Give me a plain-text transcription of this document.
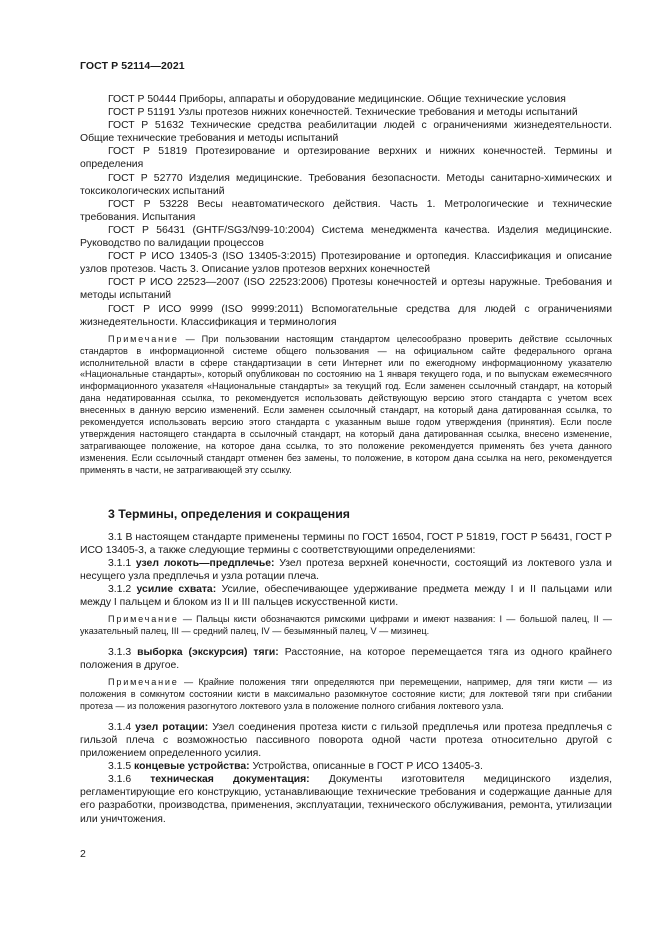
ГОСТ Р 52114—2021

ГОСТ Р 50444 Приборы, аппараты и оборудование медицинские. Общие технические условия

ГОСТ Р 51191 Узлы протезов нижних конечностей. Технические требования и методы испытаний

ГОСТ Р 51632 Технические средства реабилитации людей с ограничениями жизнедеятельности. Общие технические требования и методы испытаний

ГОСТ Р 51819 Протезирование и ортезирование верхних и нижних конечностей. Термины и определения

ГОСТ Р 52770 Изделия медицинские. Требования безопасности. Методы санитарно-химических и токсикологических испытаний

ГОСТ Р 53228 Весы неавтоматического действия. Часть 1. Метрологические и технические требования. Испытания

ГОСТ Р 56431 (GHTF/SG3/N99-10:2004) Система менеджмента качества. Изделия медицинские. Руководство по валидации процессов

ГОСТ Р ИСО 13405-3 (ISO 13405-3:2015) Протезирование и ортопедия. Классификация и описание узлов протезов. Часть 3. Описание узлов протезов верхних конечностей

ГОСТ Р ИСО 22523—2007 (ISO 22523:2006) Протезы конечностей и ортезы наружные. Требования и методы испытаний

ГОСТ Р ИСО 9999 (ISO 9999:2011) Вспомогательные средства для людей с ограничениями жизнедеятельности. Классификация и терминология

Примечание — При пользовании настоящим стандартом целесообразно проверить действие ссылочных стандартов в информационной системе общего пользования — на официальном сайте федерального органа исполнительной власти в сфере стандартизации в сети Интернет или по ежегодному информационному указателю «Национальные стандарты», который опубликован по состоянию на 1 января текущего года, и по выпускам ежемесячного информационного указателя «Национальные стандарты» за текущий год. Если заменен ссылочный стандарт, на который дана недатированная ссылка, то рекомендуется использовать действующую версию этого стандарта с учетом всех внесенных в данную версию изменений. Если заменен ссылочный стандарт, на который дана датированная ссылка, то рекомендуется использовать версию этого стандарта с указанным выше годом утверждения (принятия). Если после утверждения настоящего стандарта в ссылочный стандарт, на который дана датированная ссылка, внесено изменение, затрагивающее положение, на которое дана ссылка, то это положение рекомендуется применять без учета данного изменения. Если ссылочный стандарт отменен без замены, то положение, в котором дана ссылка на него, рекомендуется применять в части, не затрагивающей эту ссылку.

3 Термины, определения и сокращения

3.1 В настоящем стандарте применены термины по ГОСТ 16504, ГОСТ Р 51819, ГОСТ Р 56431, ГОСТ Р ИСО 13405-3, а также следующие термины с соответствующими определениями:

3.1.1 узел локоть—предплечье: Узел протеза верхней конечности, состоящий из локтевого узла и несущего узла предплечья и узла ротации плеча.

3.1.2 усилие схвата: Усилие, обеспечивающее удерживание предмета между I и II пальцами или между I пальцем и блоком из II и III пальцев искусственной кисти.

Примечание — Пальцы кисти обозначаются римскими цифрами и имеют названия: I — большой палец, II — указательный палец, III — средний палец, IV — безымянный палец, V — мизинец.

3.1.3 выборка (экскурсия) тяги: Расстояние, на которое перемещается тяга из одного крайнего положения в другое.

Примечание — Крайние положения тяги определяются при перемещении, например, для тяги кисти — из положения в сомкнутом состоянии кисти в максимально разомкнутое состояние кисти; для локтевой тяги при сгибании протеза — из положения разогнутого локтевого узла в положение полного сгибания локтевого узла.

3.1.4 узел ротации: Узел соединения протеза кисти с гильзой предплечья или протеза предплечья с гильзой плеча с возможностью пассивного поворота одной части протеза относительно другой с приложением определенного усилия.

3.1.5 концевые устройства: Устройства, описанные в ГОСТ Р ИСО 13405-3.

3.1.6 техническая документация: Документы изготовителя медицинского изделия, регламентирующие его конструкцию, устанавливающие технические требования и содержащие данные для его разработки, производства, применения, эксплуатации, технического обслуживания, ремонта, утилизации или уничтожения.

2
